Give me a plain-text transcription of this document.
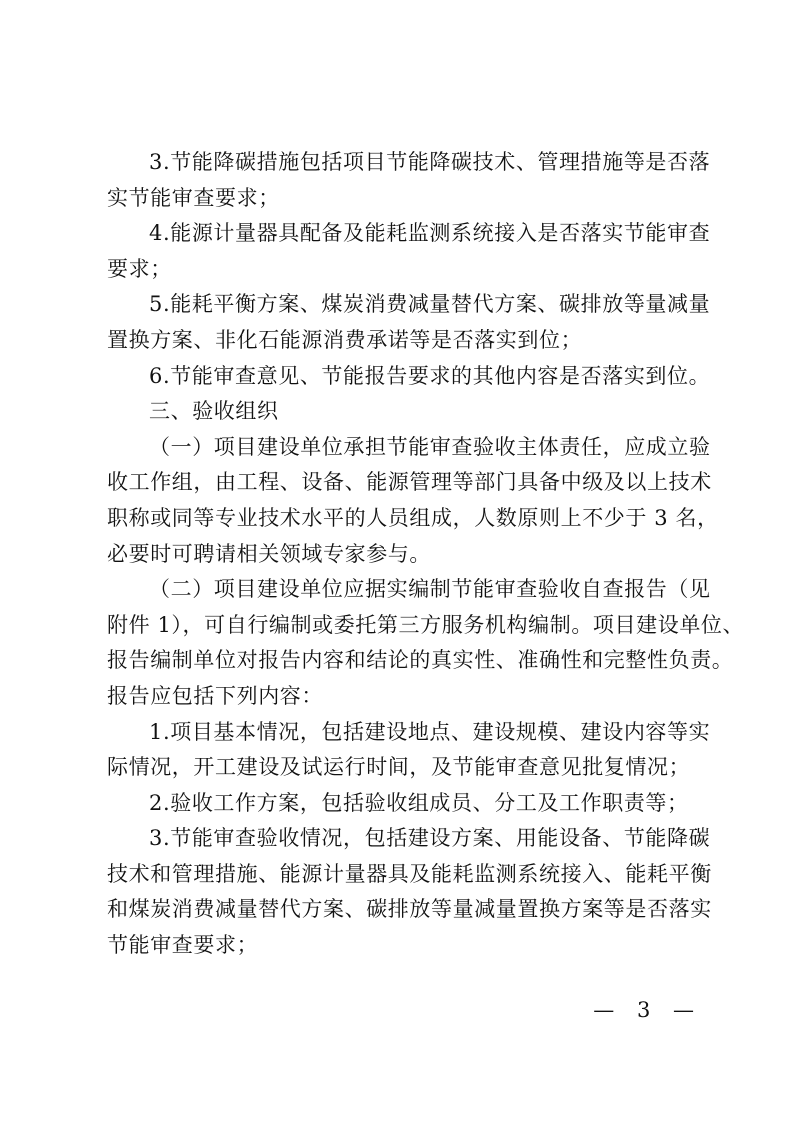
3.节能降碳措施包括项目节能降碳技术、管理措施等是否落
实节能审查要求；
4.能源计量器具配备及能耗监测系统接入是否落实节能审查
要求；
5.能耗平衡方案、煤炭消费减量替代方案、碳排放等量减量
置换方案、非化石能源消费承诺等是否落实到位；
6.节能审查意见、节能报告要求的其他内容是否落实到位。
三、验收组织
（一）项目建设单位承担节能审查验收主体责任，应成立验
收工作组，由工程、设备、能源管理等部门具备中级及以上技术
职称或同等专业技术水平的人员组成，人数原则上不少于 3 名，
必要时可聘请相关领域专家参与。
（二）项目建设单位应据实编制节能审查验收自查报告（见
附件 1），可自行编制或委托第三方服务机构编制。项目建设单位、
报告编制单位对报告内容和结论的真实性、准确性和完整性负责。
报告应包括下列内容：
1.项目基本情况，包括建设地点、建设规模、建设内容等实
际情况，开工建设及试运行时间，及节能审查意见批复情况；
2.验收工作方案，包括验收组成员、分工及工作职责等；
3.节能审查验收情况，包括建设方案、用能设备、节能降碳
技术和管理措施、能源计量器具及能耗监测系统接入、能耗平衡
和煤炭消费减量替代方案、碳排放等量减量置换方案等是否落实
节能审查要求；
— 3 —
